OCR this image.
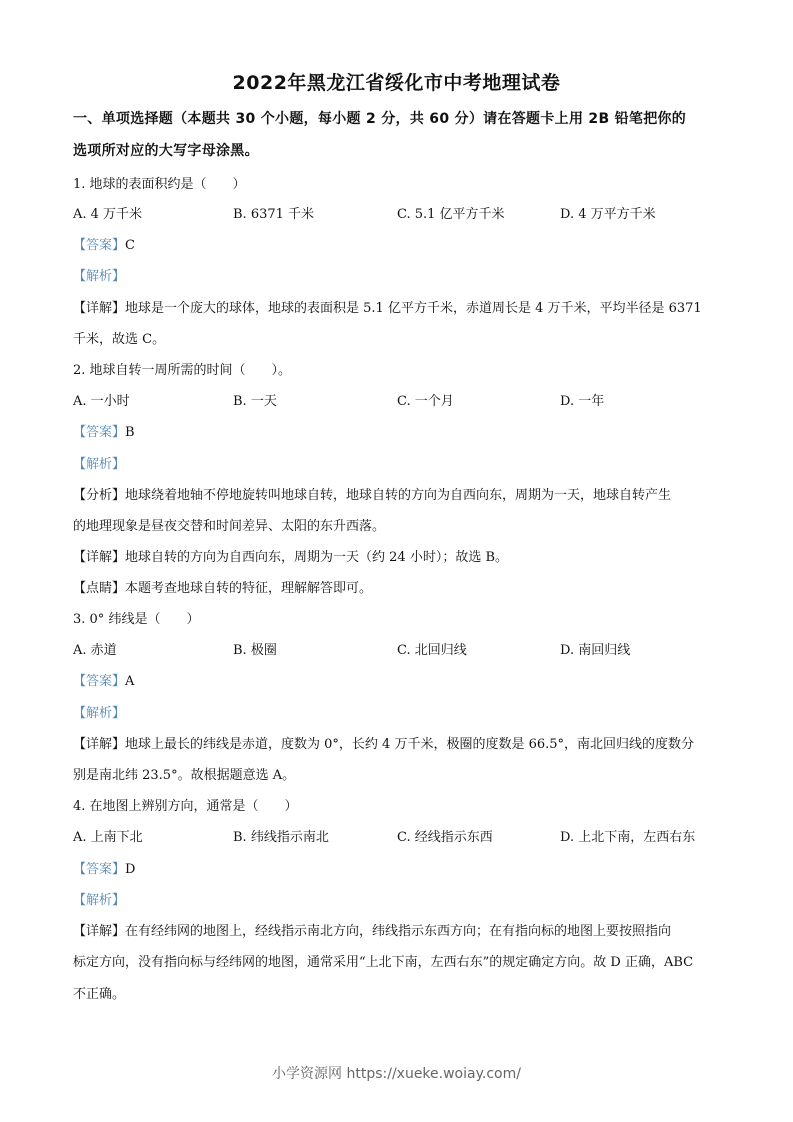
2022年黑龙江省绥化市中考地理试卷
一、单项选择题（本题共 30 个小题，每小题 2 分，共 60 分）请在答题卡上用 2B 铅笔把你的
选项所对应的大写字母涂黑。
1. 地球的表面积约是（　　）
A. 4 万千米	B. 6371 千米	C. 5.1 亿平方千米	D. 4 万平方千米
【答案】C
【解析】
【详解】地球是一个庞大的球体，地球的表面积是 5.1 亿平方千米，赤道周长是 4 万千米，平均半径是 6371
千米，故选 C。
2. 地球自转一周所需的时间（　　）。
A. 一小时	B. 一天	C. 一个月	D. 一年
【答案】B
【解析】
【分析】地球绕着地轴不停地旋转叫地球自转，地球自转的方向为自西向东，周期为一天，地球自转产生
的地理现象是昼夜交替和时间差异、太阳的东升西落。
【详解】地球自转的方向为自西向东，周期为一天（约 24 小时）；故选 B。
【点睛】本题考查地球自转的特征，理解解答即可。
3. 0° 纬线是（　　）
A. 赤道	B. 极圈	C. 北回归线	D. 南回归线
【答案】A
【解析】
【详解】地球上最长的纬线是赤道，度数为 0°，长约 4 万千米，极圈的度数是 66.5°，南北回归线的度数分
别是南北纬 23.5°。故根据题意选 A。
4. 在地图上辨别方向，通常是（　　）
A. 上南下北	B. 纬线指示南北	C. 经线指示东西	D. 上北下南，左西右东
【答案】D
【解析】
【详解】在有经纬网的地图上，经线指示南北方向，纬线指示东西方向；在有指向标的地图上要按照指向
标定方向，没有指向标与经纬网的地图，通常采用“上北下南，左西右东”的规定确定方向。故 D 正确，ABC
不正确。
小学资源网 https://xueke.woiay.com/
